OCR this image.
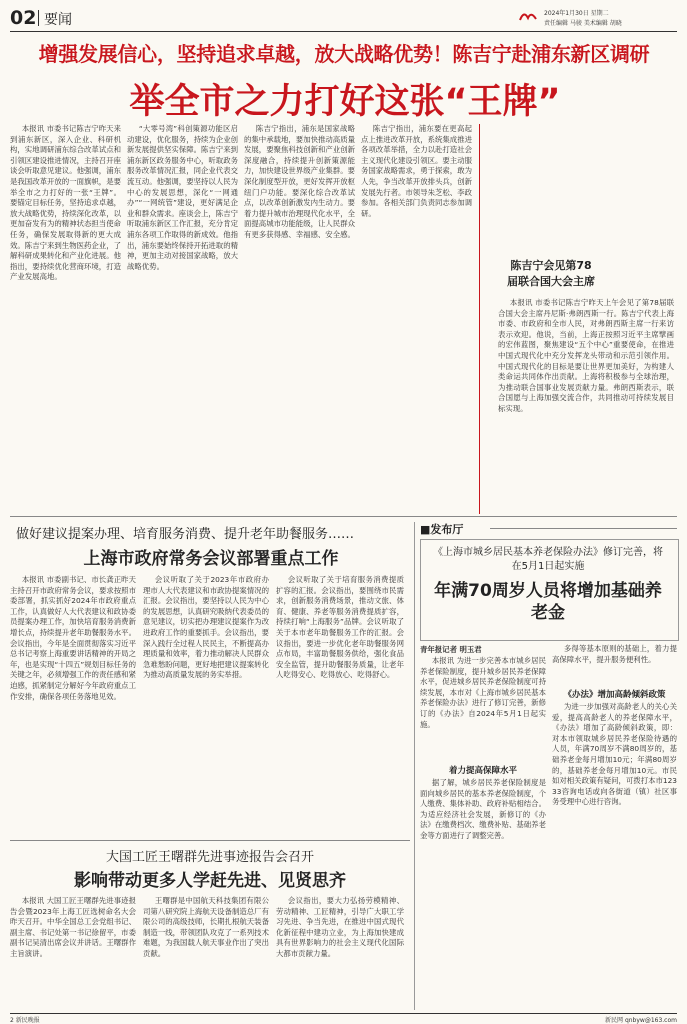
02 要闻	2024年1月30日 星期二
责任编辑 马骏 美术编辑 胡晓
增强发展信心，坚持追求卓越，放大战略优势！陈吉宁赴浦东新区调研
举全市之力打好这张“王牌”

本报讯 市委书记陈吉宁昨天来到浦东新区，深入企业、科研机构，实地调研浦东综合改革试点和引领区建设推进情况，主持召开座谈会听取意见建议。他强调，浦东是我国改革开放的一面旗帜，是要举全市之力打好的一张“王牌”。要锚定目标任务，坚持追求卓越，放大战略优势，持续深化改革，以更加奋发有为的精神状态担当使命任务，确保发展取得新的更大成效。陈吉宁来到生物医药企业，了解科研成果转化和产业化进展。他指出，要持续优化营商环境，打造产业发展高地。

“大零号湾”科创策源功能区启动建设，优化服务，持续为企业创新发展提供坚实保障。陈吉宁来到浦东新区政务服务中心，听取政务服务改革情况汇报，同企业代表交流互动。他强调，要坚持以人民为中心的发展思想，深化“一网通办”“一网统管”建设，更好满足企业和群众需求。座谈会上，陈吉宁听取浦东新区工作汇报，充分肯定浦东各项工作取得的新成效。他指出，浦东要始终保持开拓进取的精神，更加主动对接国家战略，放大战略优势。

陈吉宁指出，浦东是国家战略的集中承载地，要加快推动高质量发展，要聚焦科技创新和产业创新深度融合，持续提升创新策源能力，加快建设世界级产业集群。要深化制度型开放，更好发挥开放枢纽门户功能。要深化综合改革试点，以改革创新激发内生动力。要着力提升城市治理现代化水平，全面提高城市功能能级，让人民群众有更多获得感、幸福感、安全感。

陈吉宁指出，浦东要在更高起点上推进改革开放，系统集成推进各项改革举措，全力以赴打造社会主义现代化建设引领区。要主动服务国家战略需求，勇于探索，敢为人先，争当改革开放排头兵，创新发展先行者。市领导朱芝松、李政参加。各相关部门负责同志参加调研。

陈吉宁会见第78届联合国大会主席

本报讯 市委书记陈吉宁昨天上午会见了第78届联合国大会主席丹尼斯·弗朗西斯一行。陈吉宁代表上海市委、市政府和全市人民，对弗朗西斯主席一行来访表示欢迎。他说，当前，上海正按照习近平主席擘画的宏伟蓝图，聚焦建设“五个中心”重要使命，在推进中国式现代化中充分发挥龙头带动和示范引领作用。中国式现代化的目标是要让世界更加美好，为构建人类命运共同体作出贡献。上海将积极参与全球治理，为推动联合国事业发展贡献力量。弗朗西斯表示，联合国愿与上海加强交流合作，共同推动可持续发展目标实现。

做好建议提案办理、培育服务消费、提升老年助餐服务……
上海市政府常务会议部署重点工作

本报讯 市委副书记、市长龚正昨天主持召开市政府常务会议，要求按照市委部署，抓实抓好2024年市政府重点工作，认真做好人大代表建议和政协委员提案办理工作，加快培育服务消费新增长点，持续提升老年助餐服务水平。会议指出，今年是全面贯彻落实习近平总书记考察上海重要讲话精神的开局之年，也是实现“十四五”规划目标任务的关键之年，必须增强工作的责任感和紧迫感，抓紧制定分解好今年政府重点工作安排，确保各项任务落地见效。

会议听取了关于2023年市政府办理市人大代表建议和市政协提案情况的汇报。会议指出，要坚持以人民为中心的发展思想，认真研究吸纳代表委员的意见建议，切实把办理建议提案作为改进政府工作的重要抓手。会议指出，要深入践行全过程人民民主，不断提高办理质量和效率，着力推动解决人民群众急难愁盼问题，更好地把建议提案转化为推动高质量发展的务实举措。

会议听取了关于培育服务消费提质扩容的汇报。会议指出，要围绕市民需求，创新服务消费场景，推动文旅、体育、健康、养老等服务消费提质扩容，持续打响“上海服务”品牌。会议听取了关于本市老年助餐服务工作的汇报。会议指出，要进一步优化老年助餐服务网点布局，丰富助餐服务供给，强化食品安全监管，提升助餐服务质量，让老年人吃得安心、吃得放心、吃得舒心。

大国工匠王曙群先进事迹报告会召开
影响带动更多人学赶先进、见贤思齐

本报讯 大国工匠王曙群先进事迹报告会暨2023年上海工匠选树命名大会昨天召开。中华全国总工会党组书记、副主席、书记处第一书记徐留平，市委副书记吴清出席会议并讲话。王曙群作主旨演讲。

王曙群是中国航天科技集团有限公司第八研究院上海航天设备制造总厂有限公司的高级技师，长期扎根航天装备制造一线，带领团队攻克了一系列技术难题，为我国载人航天事业作出了突出贡献。

会议指出，要大力弘扬劳模精神、劳动精神、工匠精神，引导广大职工学习先进、争当先进，在推进中国式现代化新征程中建功立业，为上海加快建成具有世界影响力的社会主义现代化国际大都市贡献力量。

■发布厅
《上海市城乡居民基本养老保险办法》修订完善，将在5月1日起实施
年满70周岁人员将增加基础养老金
青年报记者 明玉君

本报讯 为进一步完善本市城乡居民养老保险制度，提升城乡居民养老保障水平，促进城乡居民养老保险制度可持续发展，本市对《上海市城乡居民基本养老保险办法》进行了修订完善，新修订的《办法》自2024年5月1日起实施。

着力提高保障水平

据了解，城乡居民养老保险制度是面向城乡居民的基本养老保险制度，个人缴费、集体补助、政府补贴相结合。为适应经济社会发展，新修订的《办法》在缴费档次、缴费补贴、基础养老金等方面进行了调整完善。

多得等基本原则的基础上，着力提高保障水平，提升服务便利性。

《办法》增加高龄倾斜政策

为进一步加强对高龄老人的关心关爱，提高高龄老人的养老保障水平，《办法》增加了高龄倾斜政策，即：对本市领取城乡居民养老保险待遇的人员，年满70周岁不满80周岁的，基础养老金每月增加10元；年满80周岁的，基础养老金每月增加10元。市民如对相关政策有疑问，可拨打本市12333咨询电话或向各街道（镇）社区事务受理中心进行咨询。

2 新民晚报	新民网 qnbyw@163.com
